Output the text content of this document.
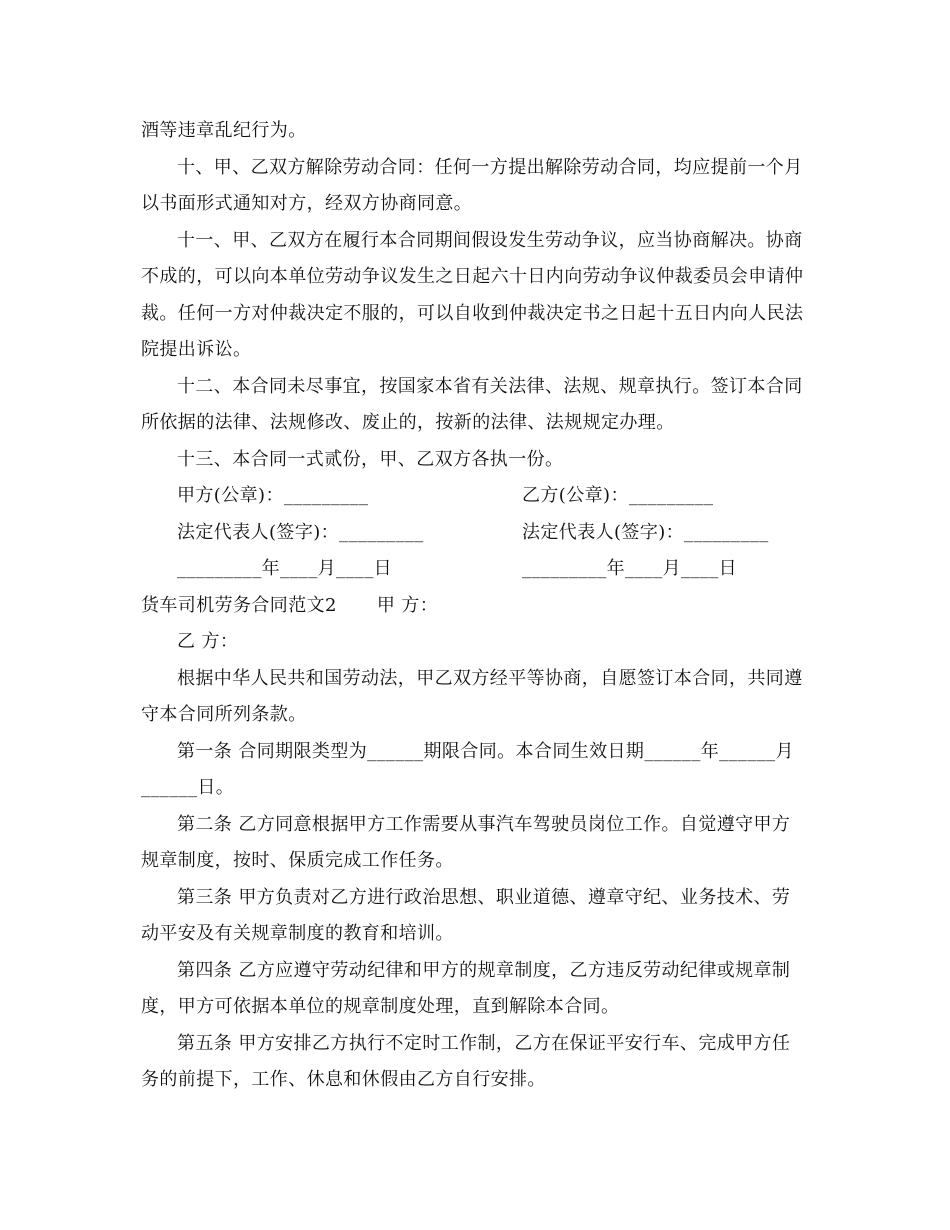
酒等违章乱纪行为。
十、甲、乙双方解除劳动合同：任何一方提出解除劳动合同，均应提前一个月
以书面形式通知对方，经双方协商同意。
十一、甲、乙双方在履行本合同期间假设发生劳动争议，应当协商解决。协商
不成的，可以向本单位劳动争议发生之日起六十日内向劳动争议仲裁委员会申请仲
裁。任何一方对仲裁决定不服的，可以自收到仲裁决定书之日起十五日内向人民法
院提出诉讼。
十二、本合同未尽事宜，按国家本省有关法律、法规、规章执行。签订本合同
所依据的法律、法规修改、废止的，按新的法律、法规规定办理。
十三、本合同一式贰份，甲、乙双方各执一份。
甲方(公章)：_________	乙方(公章)：_________
法定代表人(签字)：_________	法定代表人(签字)：_________
_________年____月____日	_________年____月____日
货车司机劳务合同范文2 甲 方：
乙 方：
根据中华人民共和国劳动法，甲乙双方经平等协商，自愿签订本合同，共同遵
守本合同所列条款。
第一条 合同期限类型为______期限合同。本合同生效日期______年______月
______日。
第二条 乙方同意根据甲方工作需要从事汽车驾驶员岗位工作。自觉遵守甲方
规章制度，按时、保质完成工作任务。
第三条 甲方负责对乙方进行政治思想、职业道德、遵章守纪、业务技术、劳
动平安及有关规章制度的教育和培训。
第四条 乙方应遵守劳动纪律和甲方的规章制度，乙方违反劳动纪律或规章制
度，甲方可依据本单位的规章制度处理，直到解除本合同。
第五条 甲方安排乙方执行不定时工作制，乙方在保证平安行车、完成甲方任
务的前提下，工作、休息和休假由乙方自行安排。
